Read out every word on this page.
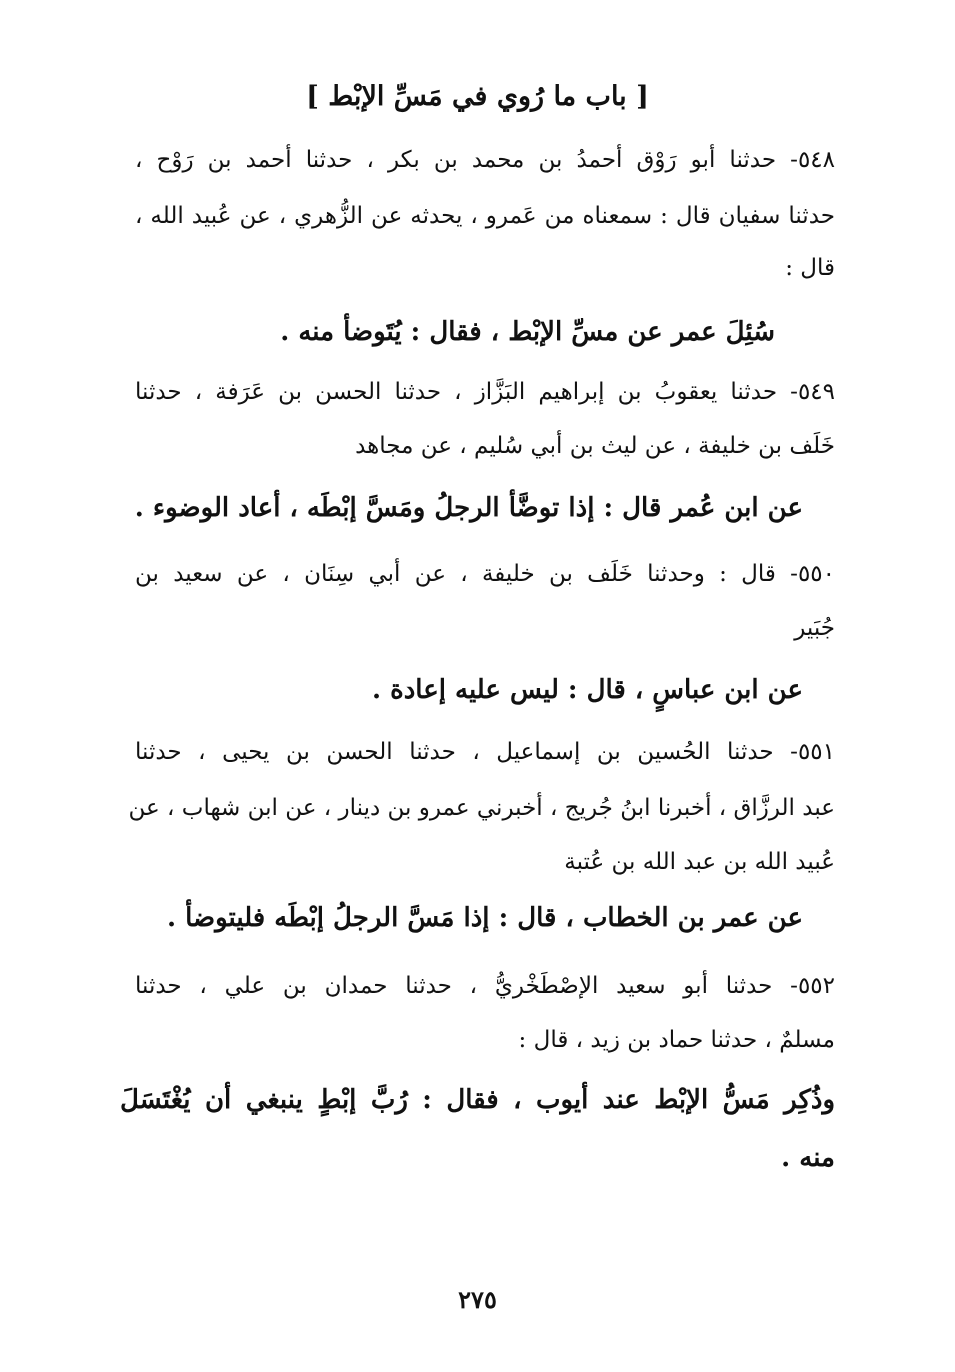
[ باب ما رُوي في مَسِّ الإبْط ]
٥٤٨- حدثنا أبو رَوْق أحمدُ بن محمد بن بكر ، حدثنا أحمد بن رَوْح ،
حدثنا سفيان قال : سمعناه من عَمرو ، يحدثه عن الزُّهري ، عن عُبيد الله ،
قال :
سُئِلَ عمر عن مسِّ الإبْط ، فقال : يُتَوضأ منه .
٥٤٩- حدثنا يعقوبُ بن إبراهيم البَزَّاز ، حدثنا الحسن بن عَرَفة ، حدثنا
خَلَف بن خليفة ، عن ليث بن أبي سُليم ، عن مجاهد
عن ابن عُمر قال : إذا توضَّأ الرجلُ ومَسَّ إبْطَه ، أعاد الوضوء .
٥٥٠- قال : وحدثنا خَلَف بن خليفة ، عن أبي سِنَان ، عن سعيد بن
جُبَير
عن ابن عباسٍ ، قال : ليس عليه إعادة .
٥٥١- حدثنا الحُسين بن إسماعيل ، حدثنا الحسن بن يحيى ، حدثنا
عبد الرزَّاق ، أخبرنا ابنُ جُريج ، أخبرني عمرو بن دينار ، عن ابن شهاب ، عن
عُبيد الله بن عبد الله بن عُتبة
عن عمر بن الخطاب ، قال : إذا مَسَّ الرجلُ إبْطَه فليتوضأ .
٥٥٢- حدثنا أبو سعيد الإصْطَخْريُّ ، حدثنا حمدان بن علي ، حدثنا
مسلمٌ ، حدثنا حماد بن زيد ، قال :
وذُكِر مَسُّ الإبْط عند أيوب ، فقال : رُبَّ إبْطٍ ينبغي أن يُغْتَسَلَ
منه .
٢٧٥
